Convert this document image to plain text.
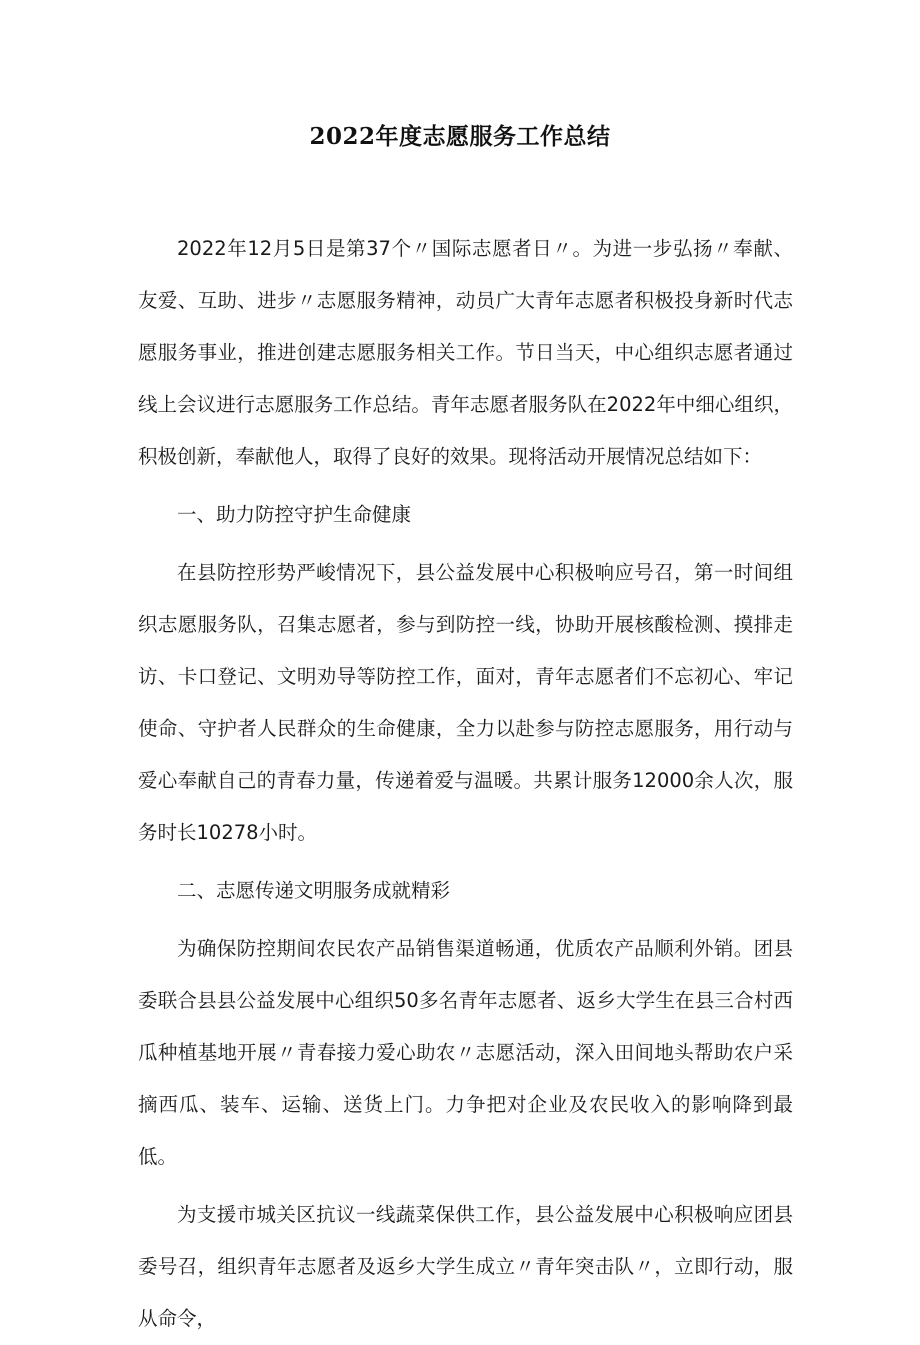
2022年度志愿服务工作总结

2022年12月5日是第37个〃国际志愿者日〃。为进一步弘扬〃奉献、友爱、互助、进步〃志愿服务精神，动员广大青年志愿者积极投身新时代志愿服务事业，推进创建志愿服务相关工作。节日当天，中心组织志愿者通过线上会议进行志愿服务工作总结。青年志愿者服务队在2022年中细心组织，积极创新，奉献他人，取得了良好的效果。现将活动开展情况总结如下：

一、助力防控守护生命健康

在县防控形势严峻情况下，县公益发展中心积极响应号召，第一时间组织志愿服务队，召集志愿者，参与到防控一线，协助开展核酸检测、摸排走访、卡口登记、文明劝导等防控工作，面对，青年志愿者们不忘初心、牢记使命、守护者人民群众的生命健康，全力以赴参与防控志愿服务，用行动与爱心奉献自己的青春力量，传递着爱与温暖。共累计服务12000余人次，服务时长10278小时。

二、志愿传递文明服务成就精彩

为确保防控期间农民农产品销售渠道畅通，优质农产品顺利外销。团县委联合县县公益发展中心组织50多名青年志愿者、返乡大学生在县三合村西瓜种植基地开展〃青春接力爱心助农〃志愿活动，深入田间地头帮助农户采摘西瓜、装车、运输、送货上门。力争把对企业及农民收入的影响降到最低。

为支援市城关区抗议一线蔬菜保供工作，县公益发展中心积极响应团县委号召，组织青年志愿者及返乡大学生成立〃青年突击队〃，立即行动，服从命令，
